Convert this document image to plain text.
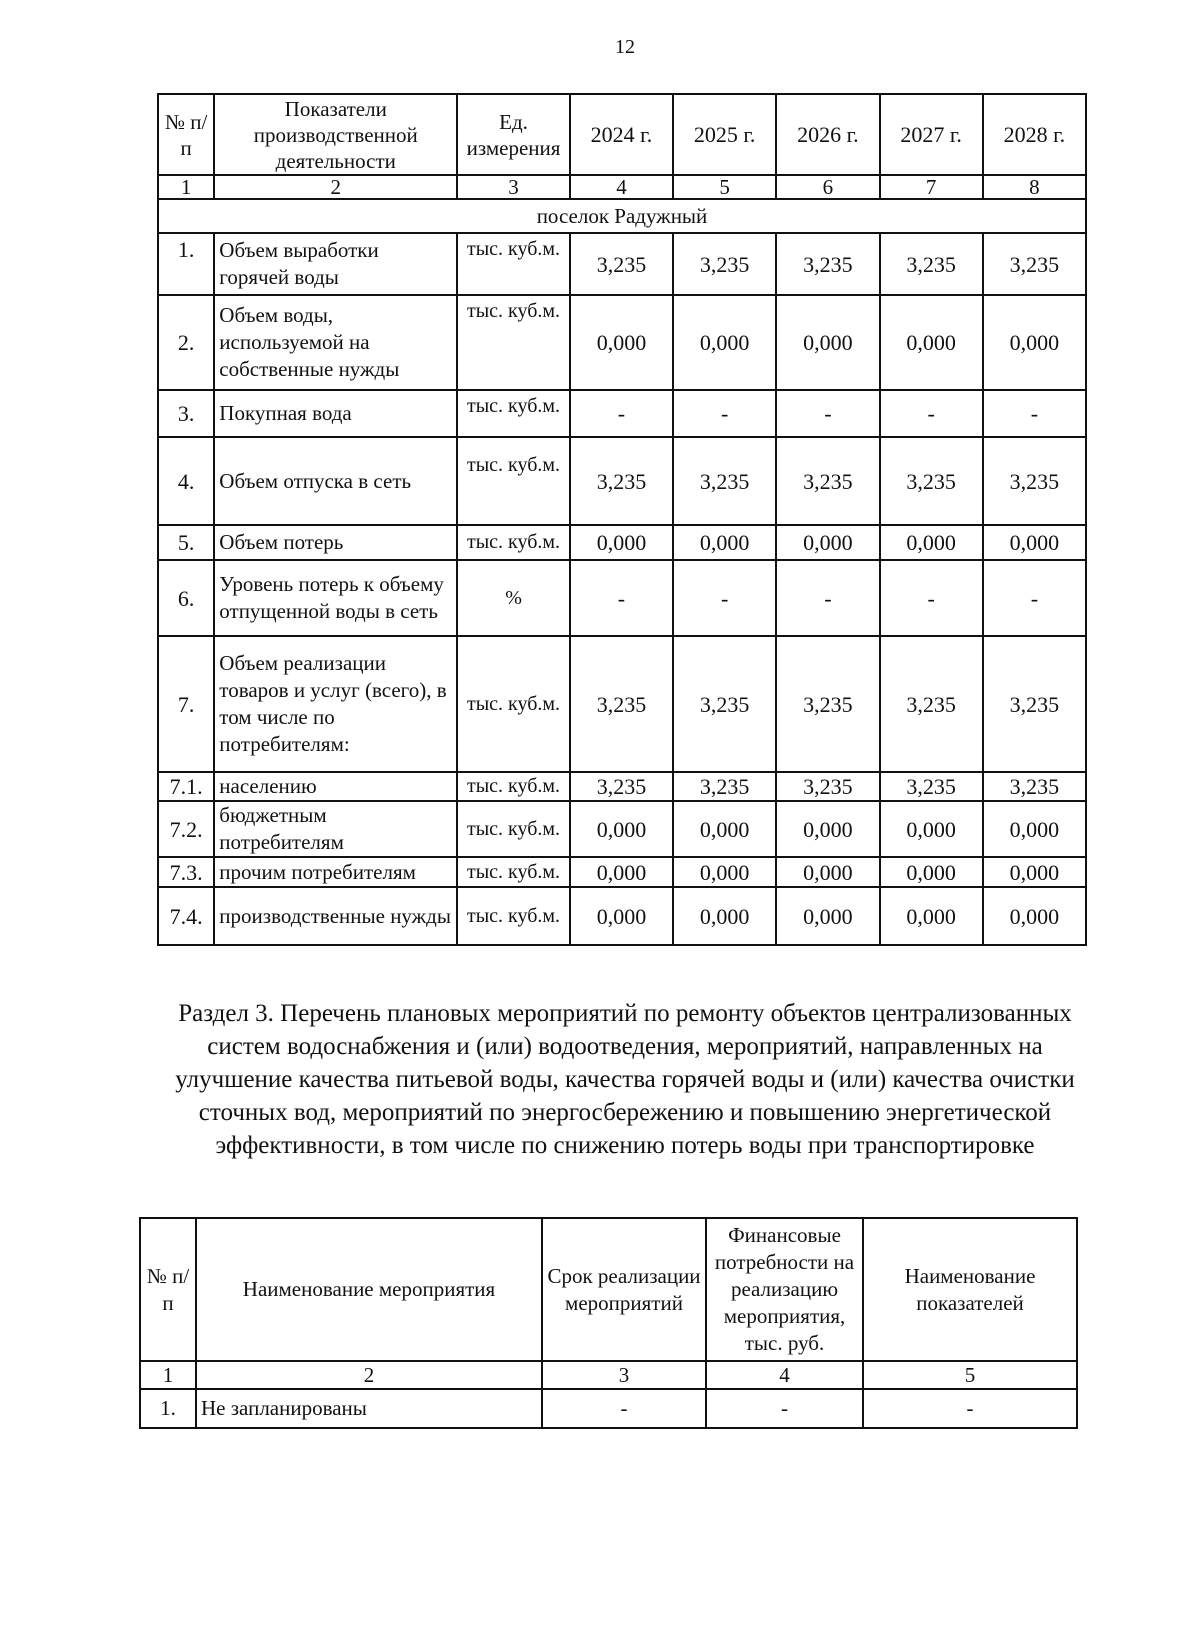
12
№ п/п	Показатели производственной деятельности	Ед. измерения	2024 г.	2025 г.	2026 г.	2027 г.	2028 г.
1	2	3	4	5	6	7	8
поселок Радужный							
1.	Объем выработки горячей воды	тыс. куб.м.	3,235	3,235	3,235	3,235	3,235
2.	Объем воды, используемой на собственные нужды	тыс. куб.м.	0,000	0,000	0,000	0,000	0,000
3.	Покупная вода	тыс. куб.м.	-	-	-	-	-
4.	Объем отпуска в сеть	тыс. куб.м.	3,235	3,235	3,235	3,235	3,235
5.	Объем потерь	тыс. куб.м.	0,000	0,000	0,000	0,000	0,000
6.	Уровень потерь к объему отпущенной воды в сеть	%	-	-	-	-	-
7.	Объем реализации товаров и услуг (всего), в том числе по потребителям:	тыс. куб.м.	3,235	3,235	3,235	3,235	3,235
7.1.	населению	тыс. куб.м.	3,235	3,235	3,235	3,235	3,235
7.2.	бюджетным потребителям	тыс. куб.м.	0,000	0,000	0,000	0,000	0,000
7.3.	прочим потребителям	тыс. куб.м.	0,000	0,000	0,000	0,000	0,000
7.4.	производственные нужды	тыс. куб.м.	0,000	0,000	0,000	0,000	0,000
Раздел 3. Перечень плановых мероприятий по ремонту объектов централизованных систем водоснабжения и (или) водоотведения, мероприятий, направленных на улучшение качества питьевой воды, качества горячей воды и (или) качества очистки сточных вод, мероприятий по энергосбережению и повышению энергетической эффективности, в том числе по снижению потерь воды при транспортировке
№ п/п	Наименование мероприятия	Срок реализации мероприятий	Финансовые потребности на реализацию мероприятия, тыс. руб.	Наименование показателей
1	2	3	4	5
1.	Не запланированы	-	-	-
